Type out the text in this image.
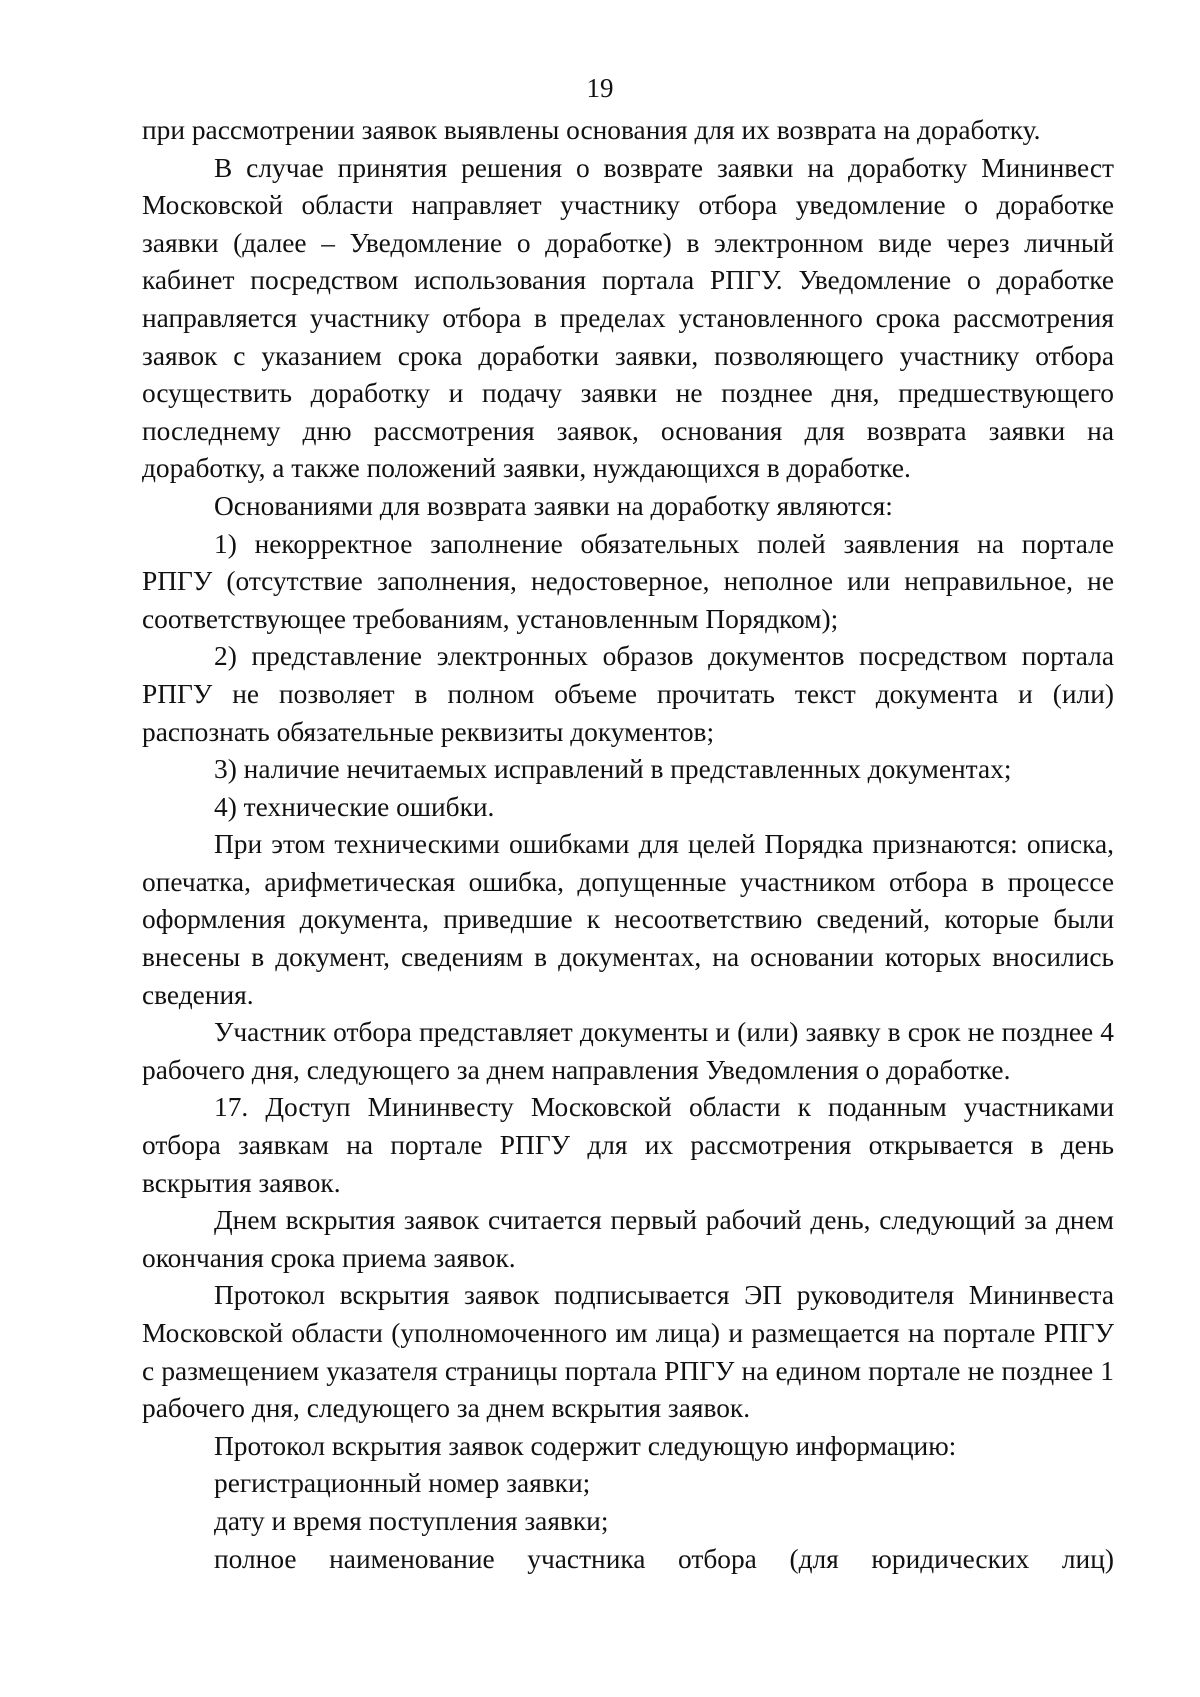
19

при рассмотрении заявок выявлены основания для их возврата на доработку.

В случае принятия решения о возврате заявки на доработку Мининвест Московской области направляет участнику отбора уведомление о доработке заявки (далее – Уведомление о доработке) в электронном виде через личный кабинет посредством использования портала РПГУ. Уведомление о доработке направляется участнику отбора в пределах установленного срока рассмотрения заявок с указанием срока доработки заявки, позволяющего участнику отбора осуществить доработку и подачу заявки не позднее дня, предшествующего последнему дню рассмотрения заявок, основания для возврата заявки на доработку, а также положений заявки, нуждающихся в доработке.

Основаниями для возврата заявки на доработку являются:

1) некорректное заполнение обязательных полей заявления на портале РПГУ (отсутствие заполнения, недостоверное, неполное или неправильное, не соответствующее требованиям, установленным Порядком);

2) представление электронных образов документов посредством портала РПГУ не позволяет в полном объеме прочитать текст документа и (или) распознать обязательные реквизиты документов;

3) наличие нечитаемых исправлений в представленных документах;

4) технические ошибки.

При этом техническими ошибками для целей Порядка признаются: описка, опечатка, арифметическая ошибка, допущенные участником отбора в процессе оформления документа, приведшие к несоответствию сведений, которые были внесены в документ, сведениям в документах, на основании которых вносились сведения.

Участник отбора представляет документы и (или) заявку в срок не позднее 4 рабочего дня, следующего за днем направления Уведомления о доработке.

17. Доступ Мининвесту Московской области к поданным участниками отбора заявкам на портале РПГУ для их рассмотрения открывается в день вскрытия заявок.

Днем вскрытия заявок считается первый рабочий день, следующий за днем окончания срока приема заявок.

Протокол вскрытия заявок подписывается ЭП руководителя Мининвеста Московской области (уполномоченного им лица) и размещается на портале РПГУ с размещением указателя страницы портала РПГУ на едином портале не позднее 1 рабочего дня, следующего за днем вскрытия заявок.

Протокол вскрытия заявок содержит следующую информацию:

регистрационный номер заявки;

дату и время поступления заявки;

полное наименование участника отбора (для юридических лиц)
